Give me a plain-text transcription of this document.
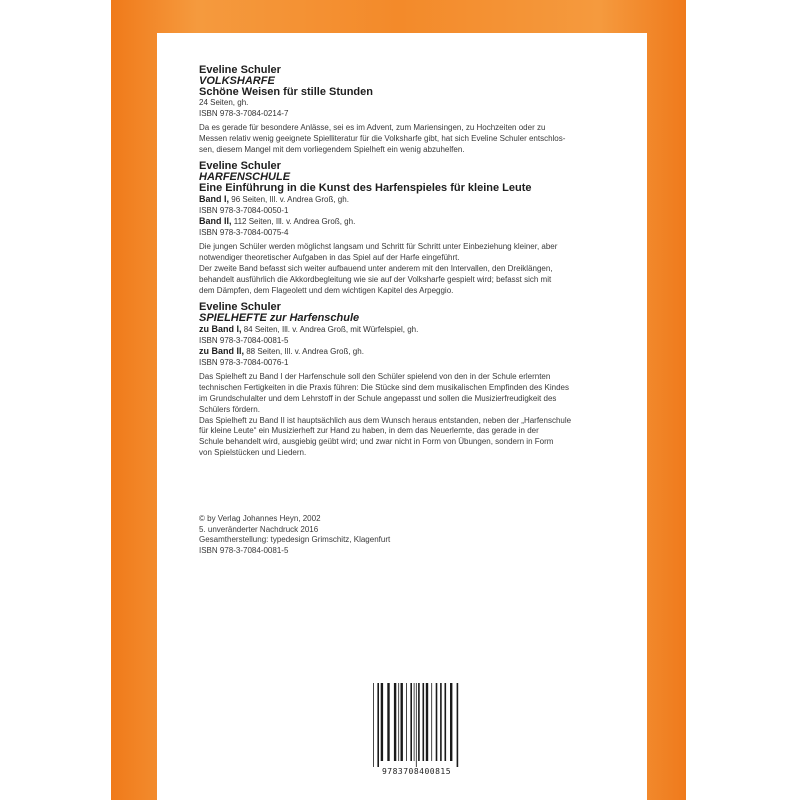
Eveline Schuler
VOLKSHARFE
Schöne Weisen für stille Stunden
24 Seiten, gh.
ISBN 978-3-7084-0214-7
Da es gerade für besondere Anlässe, sei es im Advent, zum Mariensingen, zu Hochzeiten oder zu
Messen relativ wenig geeignete Spielliteratur für die Volksharfe gibt, hat sich Eveline Schuler entschlos-
sen, diesem Mangel mit dem vorliegendem Spielheft ein wenig abzuhelfen.
Eveline Schuler
HARFENSCHULE
Eine Einführung in die Kunst des Harfenspieles für kleine Leute
Band I, 96 Seiten, Ill. v. Andrea Groß, gh.
ISBN 978-3-7084-0050-1
Band II, 112 Seiten, Ill. v. Andrea Groß, gh.
ISBN 978-3-7084-0075-4
Die jungen Schüler werden möglichst langsam und Schritt für Schritt unter Einbeziehung kleiner, aber
notwendiger theoretischer Aufgaben in das Spiel auf der Harfe eingeführt.
Der zweite Band befasst sich weiter aufbauend unter anderem mit den Intervallen, den Dreiklängen,
behandelt ausführlich die Akkordbegleitung wie sie auf der Volksharfe gespielt wird; befasst sich mit
dem Dämpfen, dem Flageolett und dem wichtigen Kapitel des Arpeggio.
Eveline Schuler
SPIELHEFTE zur Harfenschule
zu Band I, 84 Seiten, Ill. v. Andrea Groß, mit Würfelspiel, gh.
ISBN 978-3-7084-0081-5
zu Band II, 88 Seiten, Ill. v. Andrea Groß, gh.
ISBN 978-3-7084-0076-1
Das Spielheft zu Band I der Harfenschule soll den Schüler spielend von den in der Schule erlernten
technischen Fertigkeiten in die Praxis führen: Die Stücke sind dem musikalischen Empfinden des Kindes
im Grundschulalter und dem Lehrstoff in der Schule angepasst und sollen die Musizierfreudigkeit des
Schülers fördern.
Das Spielheft zu Band II ist hauptsächlich aus dem Wunsch heraus entstanden, neben der „Harfenschule
für kleine Leute“ ein Musizierheft zur Hand zu haben, in dem das Neuerlernte, das gerade in der
Schule behandelt wird, ausgiebig geübt wird; und zwar nicht in Form von Übungen, sondern in Form
von Spielstücken und Liedern.
© by Verlag Johannes Heyn, 2002
5. unveränderter Nachdruck 2016
Gesamtherstellung: typedesign Grimschitz, Klagenfurt
ISBN 978-3-7084-0081-5
9783708400815
